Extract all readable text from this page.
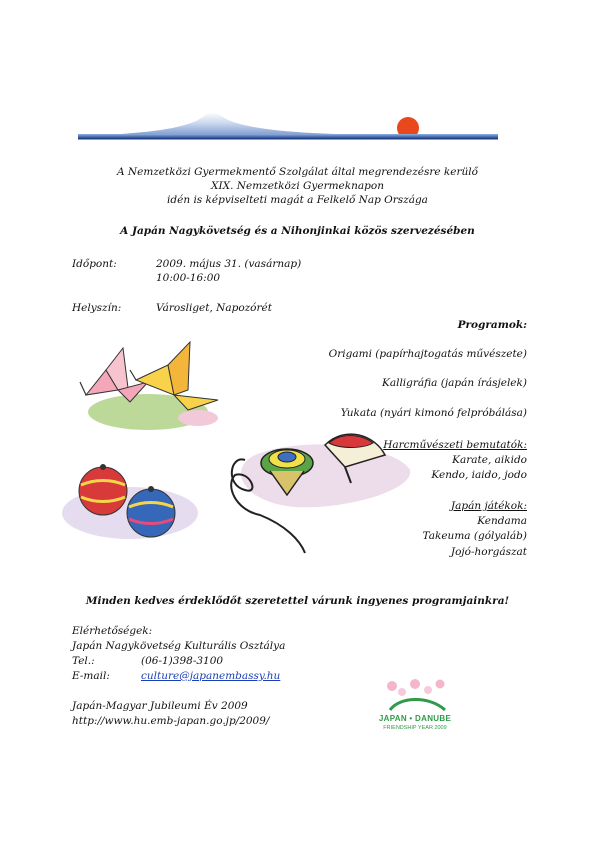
A Nemzetközi Gyermekmentő Szolgálat által megrendezésre kerülő
XIX. Nemzetközi Gyermeknapon
idén is képviselteti magát a Felkelő Nap Országa
A Japán Nagykövetség és a Nihonjinkai közös szervezésében
Időpont:	2009. május 31. (vasárnap)
10:00-16:00
Helyszín:	Városliget, Napozórét
Programok:
Origami (papírhajtogatás művészete)
Kalligráfia (japán írásjelek)
Yukata (nyári kimonó felpróbálása)
Harcművészeti bemutatók:
Karate, aikido
Kendo, iaido, jodo
Japán játékok:
Kendama
Takeuma (gólyaláb)
Jojó-horgászat
Minden kedves érdeklődőt szeretettel várunk ingyenes programjainkra!
Elérhetőségek:
Japán Nagykövetség Kulturális Osztálya
Tel.:	(06-1)398-3100
E-mail:	culture@japanembassy.hu
Japán-Magyar Jubileumi Év 2009
http://www.hu.emb-japan.go.jp/2009/	JAPAN • DANUBE
FRIENDSHIP YEAR 2009
